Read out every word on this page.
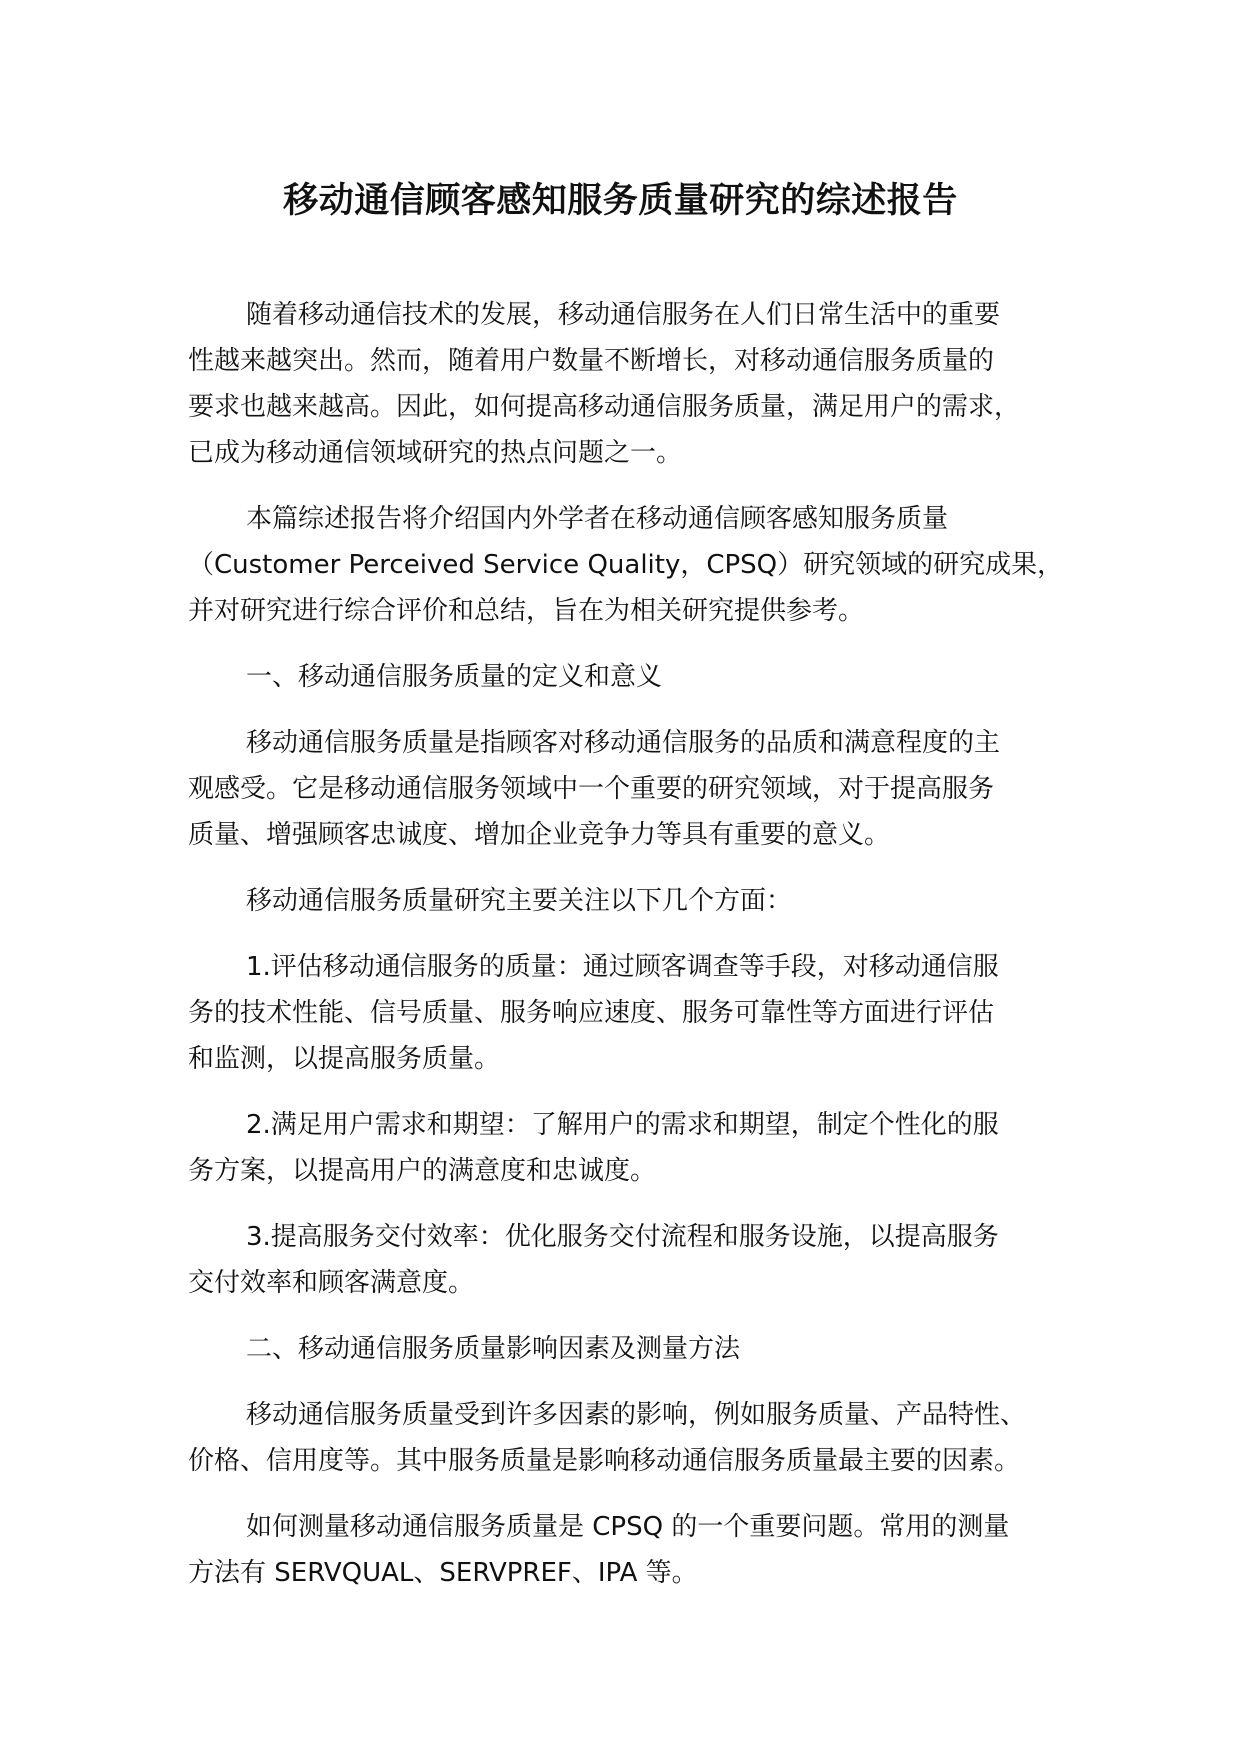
移动通信顾客感知服务质量研究的综述报告

随着移动通信技术的发展，移动通信服务在人们日常生活中的重要
性越来越突出。然而，随着用户数量不断增长，对移动通信服务质量的
要求也越来越高。因此，如何提高移动通信服务质量，满足用户的需求，
已成为移动通信领域研究的热点问题之一。

本篇综述报告将介绍国内外学者在移动通信顾客感知服务质量
（Customer Perceived Service Quality，CPSQ）研究领域的研究成果，
并对研究进行综合评价和总结，旨在为相关研究提供参考。

一、移动通信服务质量的定义和意义

移动通信服务质量是指顾客对移动通信服务的品质和满意程度的主
观感受。它是移动通信服务领域中一个重要的研究领域，对于提高服务
质量、增强顾客忠诚度、增加企业竞争力等具有重要的意义。

移动通信服务质量研究主要关注以下几个方面：

1.评估移动通信服务的质量：通过顾客调查等手段，对移动通信服
务的技术性能、信号质量、服务响应速度、服务可靠性等方面进行评估
和监测，以提高服务质量。

2.满足用户需求和期望：了解用户的需求和期望，制定个性化的服
务方案，以提高用户的满意度和忠诚度。

3.提高服务交付效率：优化服务交付流程和服务设施，以提高服务
交付效率和顾客满意度。

二、移动通信服务质量影响因素及测量方法

移动通信服务质量受到许多因素的影响，例如服务质量、产品特性、
价格、信用度等。其中服务质量是影响移动通信服务质量最主要的因素。

如何测量移动通信服务质量是 CPSQ 的一个重要问题。常用的测量
方法有 SERVQUAL、SERVPREF、IPA 等。
